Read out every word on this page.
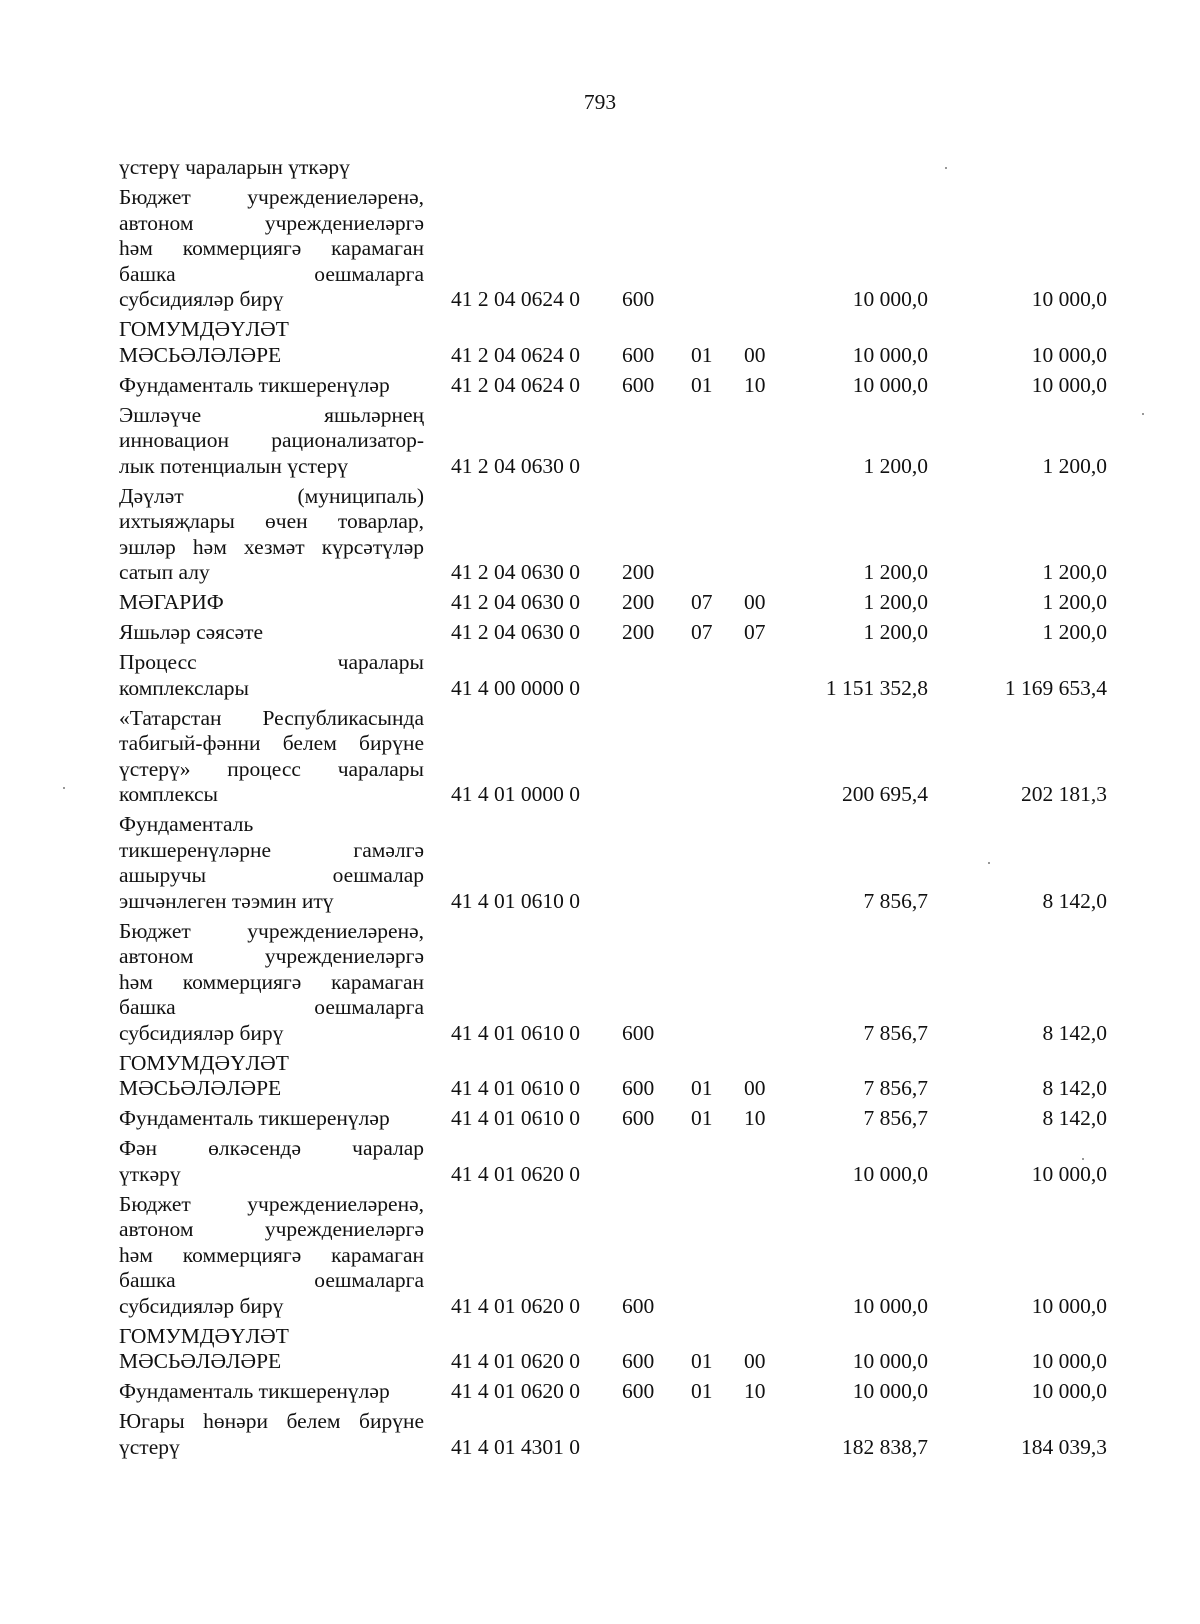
793
үстерү чараларын үткәрү
Бюджет учреждениеләренә,
автоном учреждениеләргә
һәм коммерциягә карамаган
башка оешмаларга
субсидияләр бирү	41 2 04 0624 0 600	10 000,0	10 000,0
ГОМУМДӘҮЛӘТ
МӘСЬӘЛӘЛӘРЕ	41 2 04 0624 0 600 01 00	10 000,0	10 000,0
Фундаменталь тикшеренүләр	41 2 04 0624 0 600 01 10	10 000,0	10 000,0
Эшләүче яшьләрнең
инновацион рационализатор-
лык потенциалын үстерү	41 2 04 0630 0	1 200,0	1 200,0
Дәүләт (муниципаль)
ихтыяҗлары өчен товарлар,
эшләр һәм хезмәт күрсәтүләр
сатып алу	41 2 04 0630 0 200	1 200,0	1 200,0
МӘГАРИФ	41 2 04 0630 0 200 07 00	1 200,0	1 200,0
Яшьләр сәясәте	41 2 04 0630 0 200 07 07	1 200,0	1 200,0
Процесс чаралары
комплекслары	41 4 00 0000 0	1 151 352,8	1 169 653,4
«Татарстан Республикасында
табигый-фәнни белем бирүне
үстерү» процесс чаралары
комплексы	41 4 01 0000 0	200 695,4	202 181,3
Фундаменталь
тикшеренүләрне гамәлгә
ашыручы оешмалар
эшчәнлеген тәэмин итү	41 4 01 0610 0	7 856,7	8 142,0
Бюджет учреждениеләренә,
автоном учреждениеләргә
һәм коммерциягә карамаган
башка оешмаларга
субсидияләр бирү	41 4 01 0610 0 600	7 856,7	8 142,0
ГОМУМДӘҮЛӘТ
МӘСЬӘЛӘЛӘРЕ	41 4 01 0610 0 600 01 00	7 856,7	8 142,0
Фундаменталь тикшеренүләр	41 4 01 0610 0 600 01 10	7 856,7	8 142,0
Фән өлкәсендә чаралар
үткәрү	41 4 01 0620 0	10 000,0	10 000,0
Бюджет учреждениеләренә,
автоном учреждениеләргә
һәм коммерциягә карамаган
башка оешмаларга
субсидияләр бирү	41 4 01 0620 0 600	10 000,0	10 000,0
ГОМУМДӘҮЛӘТ
МӘСЬӘЛӘЛӘРЕ	41 4 01 0620 0 600 01 00	10 000,0	10 000,0
Фундаменталь тикшеренүләр	41 4 01 0620 0 600 01 10	10 000,0	10 000,0
Югары һөнәри белем бирүне
үстерү	41 4 01 4301 0	182 838,7	184 039,3
